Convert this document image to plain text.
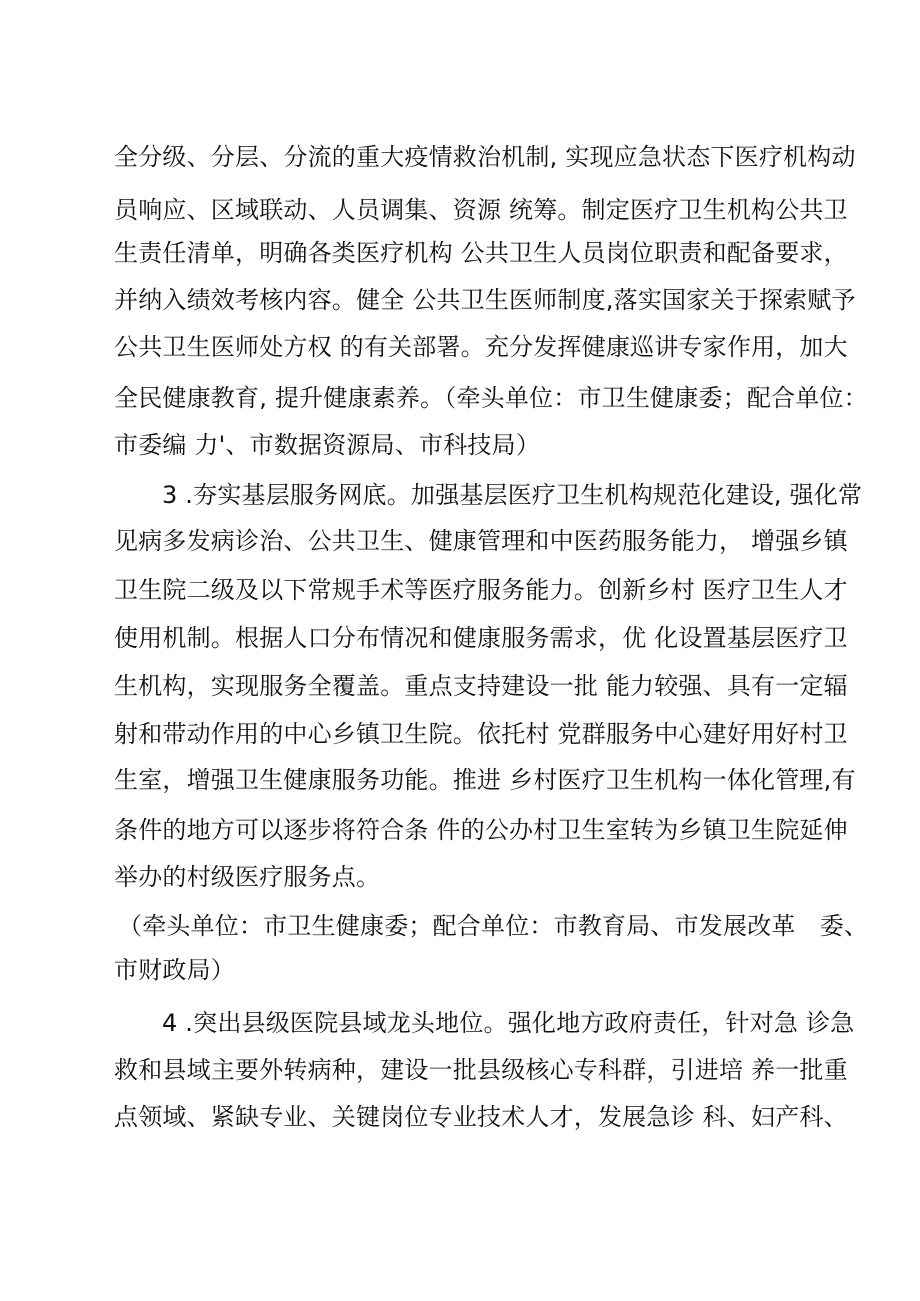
全分级、分层、分流的重大疫情救治机制, 实现应急状态下医疗机构动
员响应、区域联动、人员调集、资源 统筹。制定医疗卫生机构公共卫
生责任清单，明确各类医疗机构 公共卫生人员岗位职责和配备要求，
并纳入绩效考核内容。健全 公共卫生医师制度,落实国家关于探索赋予
公共卫生医师处方权 的有关部署。充分发挥健康巡讲专家作用，加大
全民健康教育, 提升健康素养。（牵头单位：市卫生健康委；配合单位：
市委编 力'、市数据资源局、市科技局）
3 .夯实基层服务网底。加强基层医疗卫生机构规范化建设, 强化常
见病多发病诊治、公共卫生、健康管理和中医药服务能力， 增强乡镇
卫生院二级及以下常规手术等医疗服务能力。创新乡村 医疗卫生人才
使用机制。根据人口分布情况和健康服务需求，优 化设置基层医疗卫
生机构，实现服务全覆盖。重点支持建设一批 能力较强、具有一定辐
射和带动作用的中心乡镇卫生院。依托村 党群服务中心建好用好村卫
生室，增强卫生健康服务功能。推进 乡村医疗卫生机构一体化管理,有
条件的地方可以逐步将符合条 件的公办村卫生室转为乡镇卫生院延伸
举办的村级医疗服务点。
（牵头单位：市卫生健康委；配合单位：市教育局、市发展改革　委、
市财政局）
4 .突出县级医院县域龙头地位。强化地方政府责任，针对急 诊急
救和县域主要外转病种，建设一批县级核心专科群，引进培 养一批重
点领域、紧缺专业、关键岗位专业技术人才，发展急诊 科、妇产科、
